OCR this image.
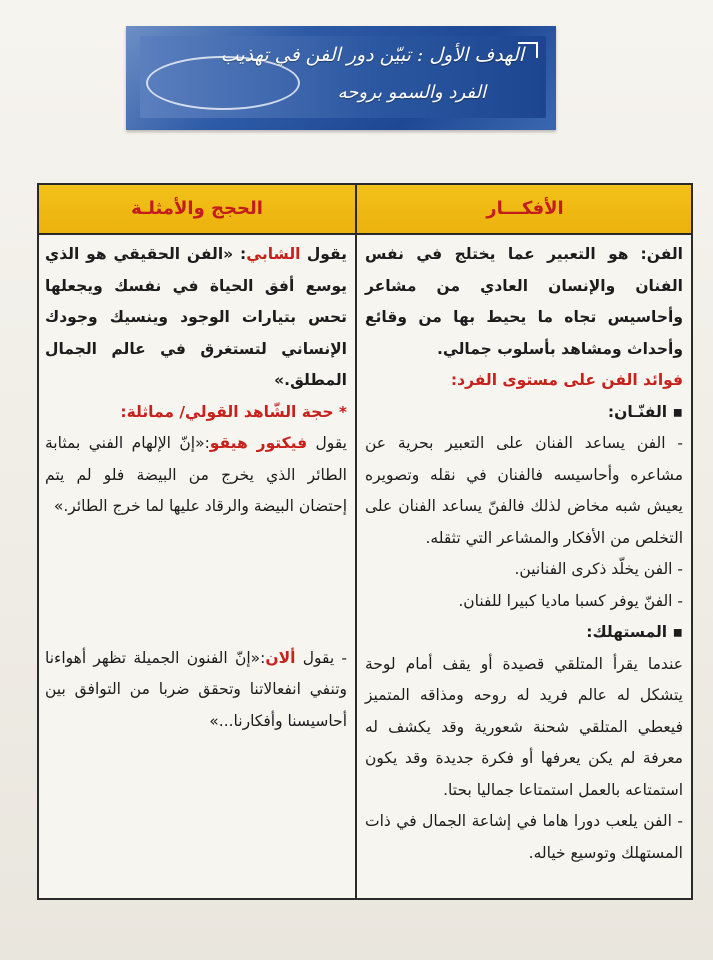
الهدف الأول : تبيّن دور الفن في تهذيب
الفرد والسمو بروحه
الحجج والأمثلـة	الأفكـــار

الفن: هو التعبير عما يختلج في نفس الفنان والإنسان العادي من مشاعر وأحاسيس تجاه ما يحيط بها من وقائع وأحداث ومشاهد بأسلوب جمالي.

فوائد الفن على مستوى الفرد:

▪ الفنّـان:

- الفن يساعد الفنان على التعبير بحرية عن مشاعره وأحاسيسه فالفنان في نقله وتصويره يعيش شبه مخاض لذلك فالفنّ يساعد الفنان على التخلص من الأفكار والمشاعر التي تثقله.

- الفن يخلّد ذكرى الفنانين.

- الفنّ يوفر كسبا ماديا كبيرا للفنان.

▪ المستهلك:

عندما يقرأ المتلقي قصيدة أو يقف أمام لوحة يتشكل له عالم فريد له روحه ومذاقه المتميز فيعطي المتلقي شحنة شعورية وقد يكشف له معرفة لم يكن يعرفها أو فكرة جديدة وقد يكون استمتاعه بالعمل استمتاعا جماليا بحتا.

- الفن يلعب دورا هاما في إشاعة الجمال في ذات المستهلك وتوسيع خياله.

يقول الشابي: «الفن الحقيقي هو الذي يوسع أفق الحياة في نفسك ويجعلها تحس بتيارات الوجود وينسيك وجودك الإنساني لتستغرق في عالم الجمال المطلق.»

* حجة الشّاهد القولي/ مماثلة:

يقول فيكتور هيقو:«إنّ الإلهام الفني بمثابة الطائر الذي يخرج من البيضة فلو لم يتم إحتضان البيضة والرقاد عليها لما خرج الطائر.»

- يقول ألان:«إنّ الفنون الجميلة تظهر أهواءنا وتنفي انفعالاتنا وتحقق ضربا من التوافق بين أحاسيسنا وأفكارنا...»
